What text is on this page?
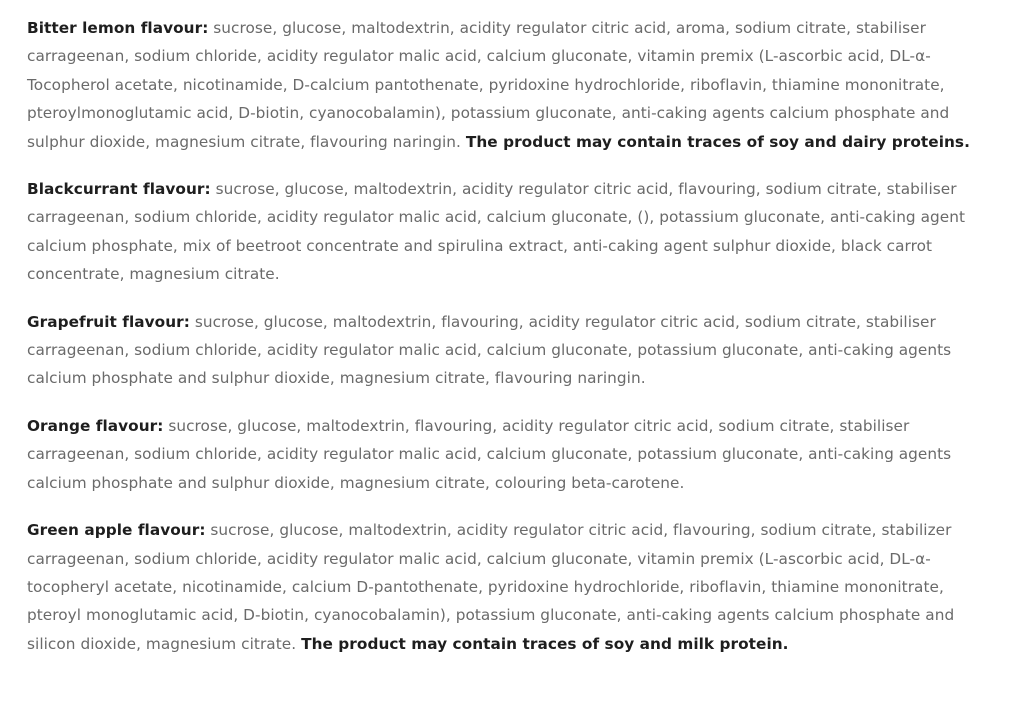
Bitter lemon flavour: sucrose, glucose, maltodextrin, acidity regulator citric acid, aroma, sodium citrate, stabiliser carrageenan, sodium chloride, acidity regulator malic acid, calcium gluconate, vitamin premix (L-ascorbic acid, DL-α-Tocopherol acetate, nicotinamide, D-calcium pantothenate, pyridoxine hydrochloride, riboflavin, thiamine mononitrate, pteroylmonoglutamic acid, D-biotin, cyanocobalamin), potassium gluconate, anti-caking agents calcium phosphate and sulphur dioxide, magnesium citrate, flavouring naringin. The product may contain traces of soy and dairy proteins.

Blackcurrant flavour: sucrose, glucose, maltodextrin, acidity regulator citric acid, flavouring, sodium citrate, stabiliser carrageenan, sodium chloride, acidity regulator malic acid, calcium gluconate, (), potassium gluconate, anti-caking agent calcium phosphate, mix of beetroot concentrate and spirulina extract, anti-caking agent sulphur dioxide, black carrot concentrate, magnesium citrate.

Grapefruit flavour: sucrose, glucose, maltodextrin, flavouring, acidity regulator citric acid, sodium citrate, stabiliser carrageenan, sodium chloride, acidity regulator malic acid, calcium gluconate, potassium gluconate, anti-caking agents calcium phosphate and sulphur dioxide, magnesium citrate, flavouring naringin.

Orange flavour: sucrose, glucose, maltodextrin, flavouring, acidity regulator citric acid, sodium citrate, stabiliser carrageenan, sodium chloride, acidity regulator malic acid, calcium gluconate, potassium gluconate, anti-caking agents calcium phosphate and sulphur dioxide, magnesium citrate, colouring beta-carotene.

Green apple flavour: sucrose, glucose, maltodextrin, acidity regulator citric acid, flavouring, sodium citrate, stabilizer carrageenan, sodium chloride, acidity regulator malic acid, calcium gluconate, vitamin premix (L-ascorbic acid, DL-α-tocopheryl acetate, nicotinamide, calcium D-pantothenate, pyridoxine hydrochloride, riboflavin, thiamine mononitrate, pteroyl monoglutamic acid, D-biotin, cyanocobalamin), potassium gluconate, anti-caking agents calcium phosphate and silicon dioxide, magnesium citrate. The product may contain traces of soy and milk protein.
